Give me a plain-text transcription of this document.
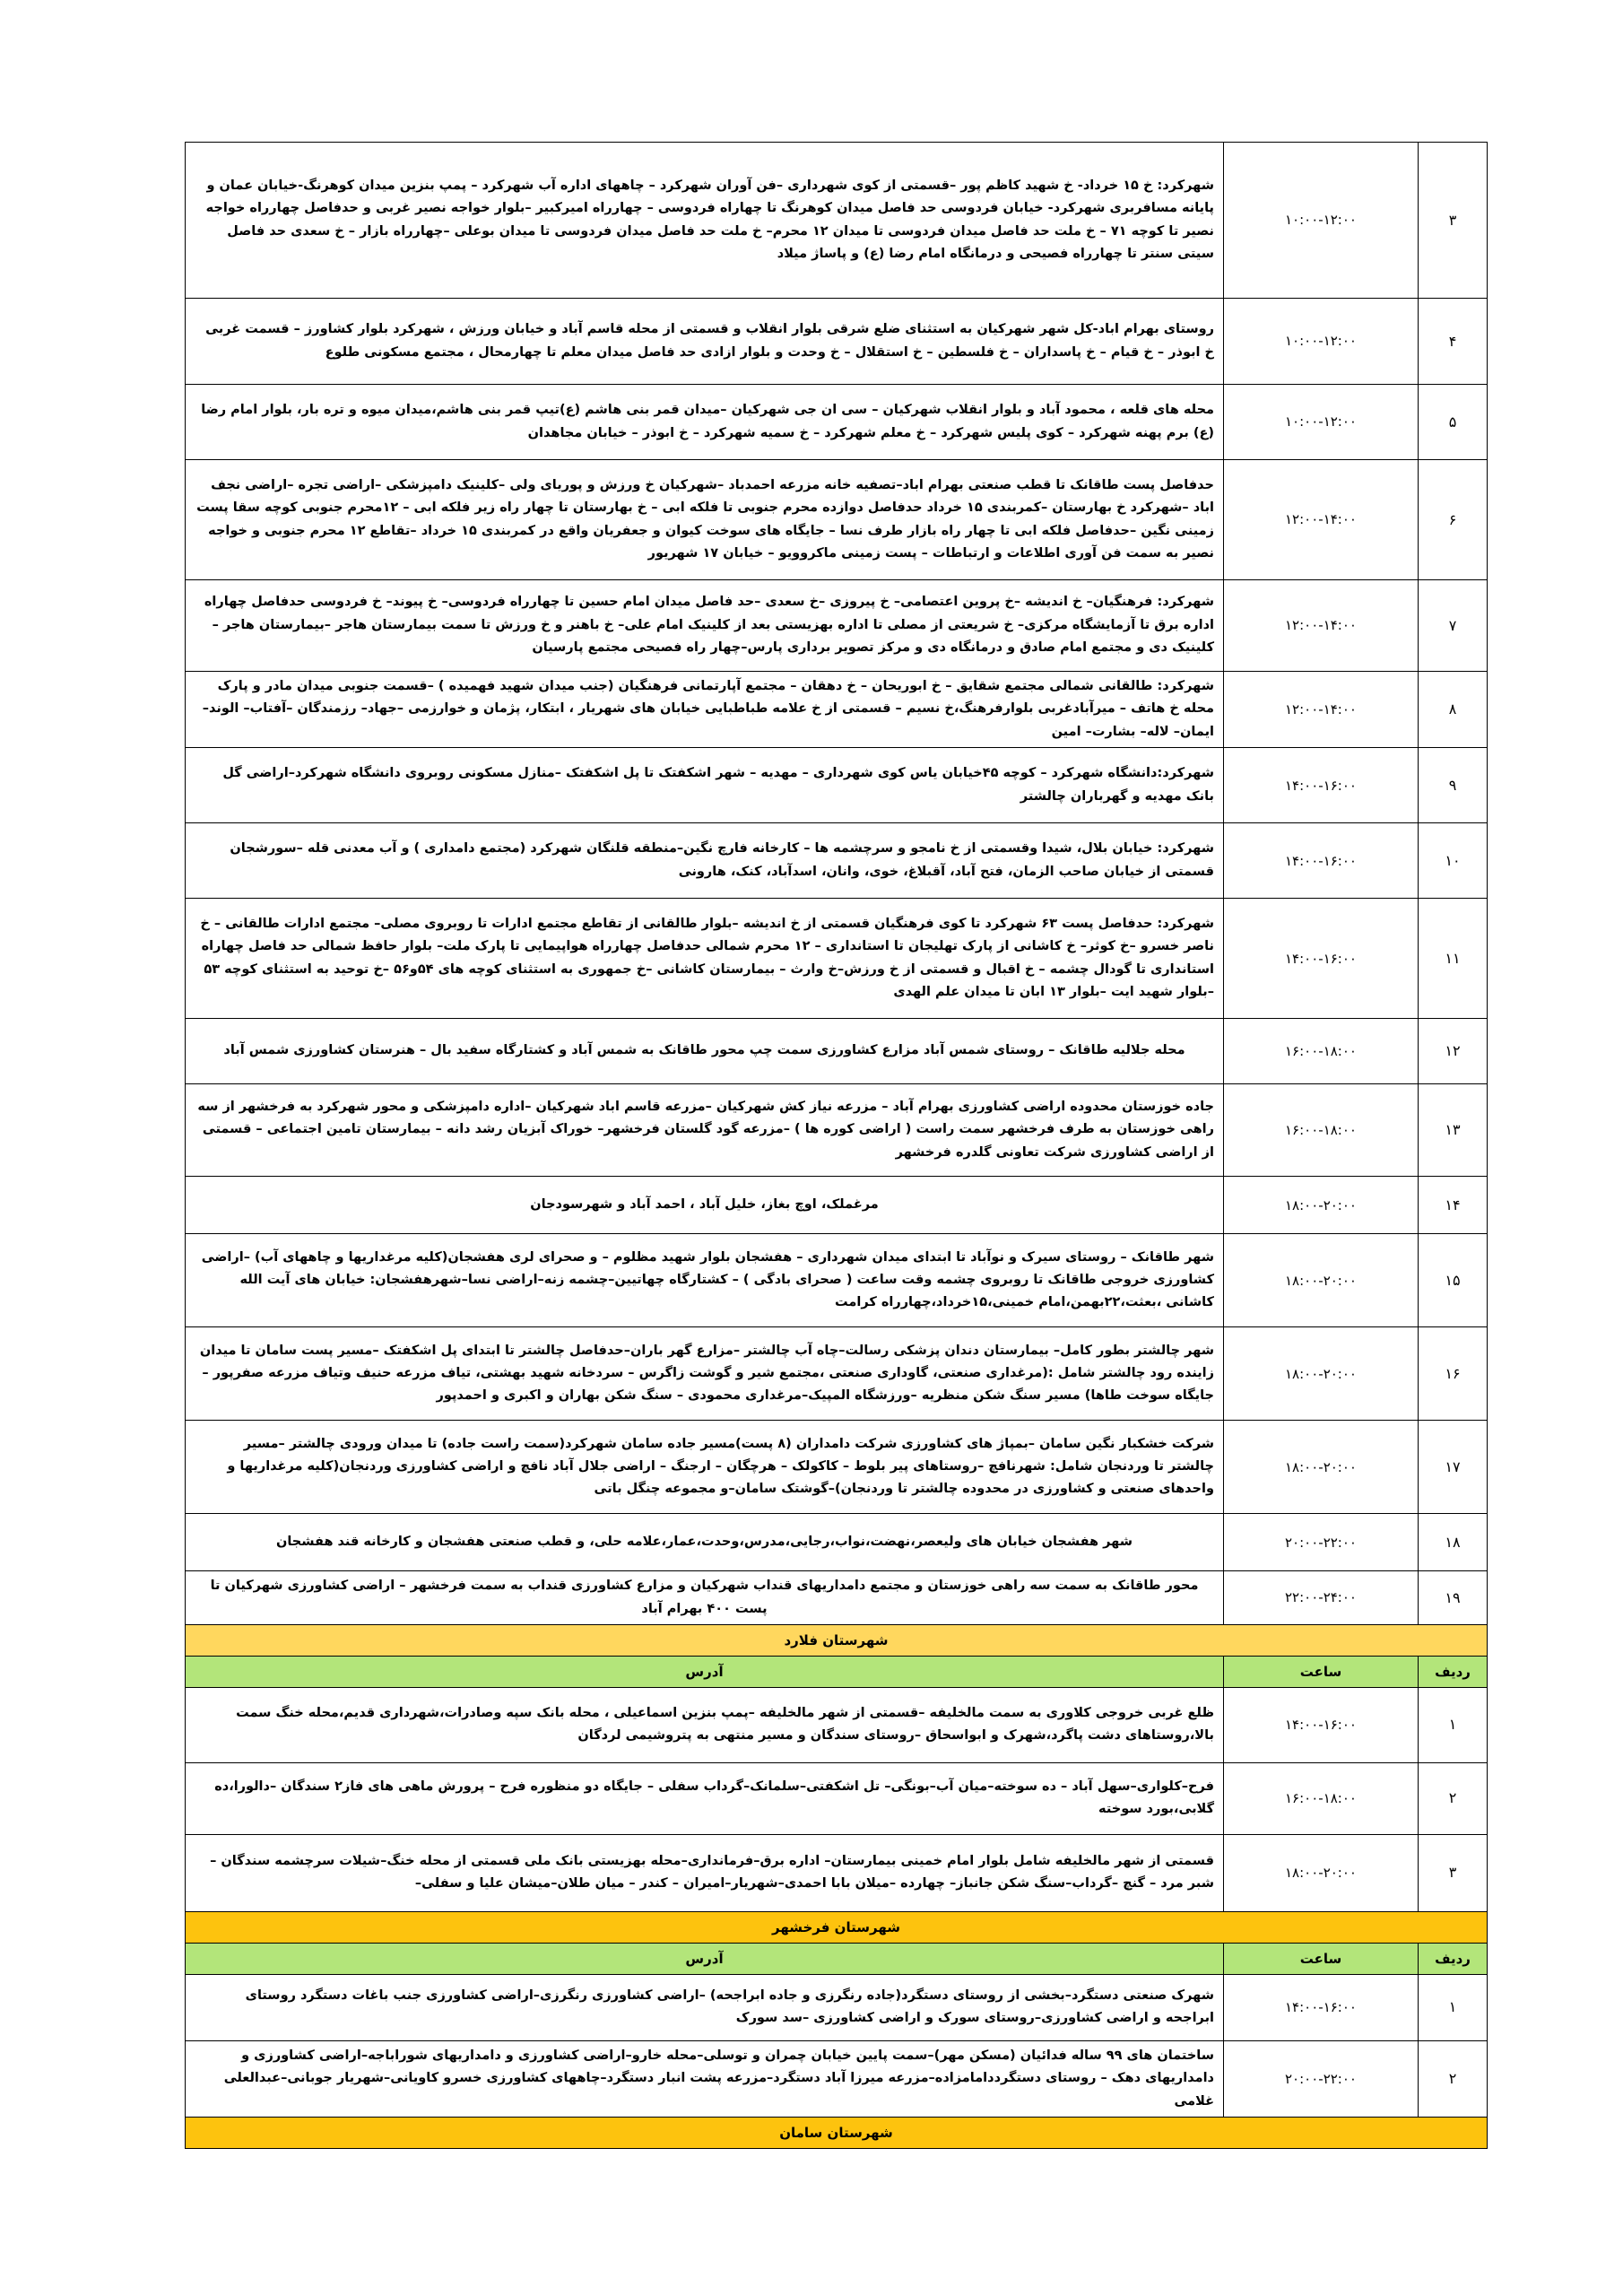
۳	۱۰:۰۰-۱۲:۰۰	شهرکرد: خ ۱۵ خرداد- خ شهید کاظم پور –قسمتی از کوی شهرداری –فن آوران شهرکرد – چاههای اداره آب شهرکرد – پمپ بنزین میدان کوهرنگ-خیابان عمان و پایانه مسافربری شهرکرد- خیابان فردوسی حد فاصل میدان کوهرنگ تا چهاراه فردوسی – چهارراه امیرکبیر –بلوار خواجه نصیر غربی و حدفاصل چهارراه خواجه نصیر تا کوچه ۷۱ – خ ملت حد فاصل میدان فردوسی تا میدان ۱۲ محرم– خ ملت حد فاصل میدان فردوسی تا میدان بوعلی –چهارراه بازار – خ سعدی حد فاصل سیتی سنتر تا چهارراه فصیحی و درمانگاه امام رضا (ع) و پاساژ میلاد
۴	۱۰:۰۰-۱۲:۰۰	روستای بهرام اباد-کل شهر شهرکیان به استثنای ضلع شرقی بلوار انقلاب و قسمتی از محله قاسم آباد و خیابان ورزش ، شهرکرد بلوار کشاورز – قسمت غربی خ ابوذر – خ قیام – خ پاسداران – خ فلسطین – خ استقلال – خ وحدت و بلوار ازادی حد فاصل میدان معلم تا چهارمحال ، مجتمع مسکونی طلوع
۵	۱۰:۰۰-۱۲:۰۰	محله های قلعه ، محمود آباد و بلوار انقلاب شهرکیان – سی ان جی شهرکیان –میدان قمر بنی هاشم (ع)تیپ قمر بنی هاشم،میدان میوه و تره بار، بلوار امام رضا (ع) برم پهنه شهرکرد – کوی پلیس شهرکرد – خ معلم شهرکرد – خ سمیه شهرکرد – خ ابوذر – خیابان مجاهدان
۶	۱۲:۰۰-۱۴:۰۰	حدفاصل پست طاقانک تا قطب صنعتی بهرام اباد–تصفیه خانه مزرعه احمدباد –شهرکیان خ ورزش و پوریای ولی –کلینیک دامپزشکی –اراضی تجره –اراضی نجف اباد –شهرکرد خ بهارستان –کمربندی ۱۵ خرداد حدفاصل دوازده محرم جنوبی تا فلکه ابی – خ بهارستان تا چهار راه زیر فلکه ابی – ۱۲محرم جنوبی کوچه سقا پست زمینی نگین –حدفاصل فلکه ابی تا چهار راه بازار طرف نسا – جایگاه های سوخت کیوان و جعفریان واقع در کمربندی ۱۵ خرداد –تقاطع ۱۲ محرم جنوبی و خواجه نصیر به سمت فن آوری اطلاعات و ارتباطات – پست زمینی ماکروویو – خیابان ۱۷ شهریور
۷	۱۲:۰۰-۱۴:۰۰	شهرکرد: فرهنگیان– خ اندیشه –خ پروین اعتصامی– خ پیروزی –خ سعدی –حد فاصل میدان امام حسین تا چهارراه فردوسی– خ پیوند– خ فردوسی حدفاصل چهاراه اداره برق تا آزمایشگاه مرکزی– خ شریعتی از مصلی تا اداره بهزیستی بعد از کلینیک امام علی– خ باهنر و خ ورزش تا سمت بیمارستان هاجر –بیمارستان هاجر –کلینیک دی و مجتمع امام صادق و درمانگاه دی و مرکز تصویر برداری پارس–چهار راه فصیحی مجتمع پارسیان
۸	۱۲:۰۰-۱۴:۰۰	شهرکرد: طالقانی شمالی مجتمع شقایق – خ ابوریحان – خ دهقان – مجتمع آپارتمانی فرهنگیان (جنب میدان شهید فهمیده ) –قسمت جنوبی میدان مادر و پارک محله خ هاتف – میرآبادغربی بلوارفرهنگ،خ نسیم – قسمتی از خ علامه طباطبایی خیابان های شهریار ، ابتکار، پژمان و خوارزمی –جهاد– رزمندگان –آفتاب– الوند– ایمان– لاله– بشارت– امین
۹	۱۴:۰۰-۱۶:۰۰	شهرکرد:دانشگاه شهرکرد – کوچه ۴۵خیابان یاس کوی شهرداری – مهدیه – شهر اشکفتک تا پل اشکفتک –منازل مسکونی روبروی دانشگاه شهرکرد–اراضی گل بانک مهدیه و گهرباران چالشتر
۱۰	۱۴:۰۰-۱۶:۰۰	شهرکرد: خیابان بلال، شیدا وقسمتی از خ نامجو و سرچشمه ها – کارخانه فارچ نگین–منطقه قلنگان شهرکرد (مجتمع دامداری ) و آب معدنی قله –سورشجان قسمتی از خیابان صاحب الزمان، فتح آباد، آقبلاغ، خوی، وانان، اسدآباد، کنک، هارونی
۱۱	۱۴:۰۰-۱۶:۰۰	شهرکرد: حدفاصل پست ۶۳ شهرکرد تا کوی فرهنگیان قسمتی از خ اندیشه –بلوار طالقانی از تقاطع مجتمع ادارات تا روبروی مصلی– مجتمع ادارات طالقانی – خ ناصر خسرو –خ کوثر– خ کاشانی از پارک تهلیجان تا استانداری – ۱۲ محرم شمالی حدفاصل چهارراه هواپیمایی تا پارک ملت– بلوار حافظ شمالی حد فاصل چهاراه استانداری تا گودال چشمه – خ اقبال و قسمتی از خ ورزش–خ وارث – بیمارستان کاشانی –خ جمهوری به استثنای کوچه های ۵۴و۵۶ –خ توحید به استثنای کوچه ۵۳ –بلوار شهید ایت –بلوار ۱۳ ابان تا میدان علم الهدی
۱۲	۱۶:۰۰-۱۸:۰۰	محله جلالیه طاقانک – روستای شمس آباد مزارع کشاورزی سمت چپ محور طاقانک به شمس آباد و کشتارگاه سفید بال – هنرستان کشاورزی شمس آباد
۱۳	۱۶:۰۰-۱۸:۰۰	جاده خوزستان محدوده اراضی کشاورزی بهرام آباد – مزرعه نیاز کش شهرکیان –مزرعه قاسم اباد شهرکیان –اداره دامپزشکی و محور شهرکرد به فرخشهر از سه راهی خوزستان به طرف فرخشهر سمت راست ( اراضی کوره ها ) –مزرعه گود گلستان فرخشهر– خوراک آبزیان رشد دانه – بیمارستان تامین اجتماعی – قسمتی از اراضی کشاورزی شرکت تعاونی گلدره فرخشهر
۱۴	۱۸:۰۰-۲۰:۰۰	مرغملک، اوچ بغاز، خلیل آباد ، احمد آباد و شهرسودجان
۱۵	۱۸:۰۰-۲۰:۰۰	شهر طاقانک – روستای سیرک و نوآباد تا ابتدای میدان شهرداری – هفشجان بلوار شهید مظلوم – و صحرای لری هفشجان(کلیه مرغداریها و چاههای آب) –اراضی کشاورزی خروجی طاقانک تا روبروی چشمه وقت ساعت ( صحرای بادگی ) – کشتارگاه چهاتیین–چشمه زنه–اراضی نسا–شهرهفشجان: خیابان های آیت الله کاشانی ،بعثت،۲۲بهمن،امام خمینی،۱۵خرداد،چهارراه کرامت
۱۶	۱۸:۰۰-۲۰:۰۰	شهر چالشتر بطور کامل– بیمارستان دندان پزشکی رسالت–چاه آب چالشتر –مزارع گهر باران–حدفاصل چالشتر تا ابتدای پل اشکفتک –مسیر پست سامان تا میدان زاینده رود چالشتر شامل :(مرغداری صنعتی، گاوداری صنعتی ،مجتمع شیر و گوشت زاگرس – سردخانه شهید بهشتی، تیاف مزرعه حنیف وتیاف مزرعه صفرپور –جایگاه سوخت طاها) مسیر سنگ شکن منظریه –ورزشگاه المپیک–مرغداری محمودی – سنگ شکن بهاران و اکبری و احمدپور
۱۷	۱۸:۰۰-۲۰:۰۰	شرکت خشکبار نگین سامان –بمپاژ های کشاورزی شرکت دامداران (۸ پست)مسیر جاده سامان شهرکرد(سمت راست جاده) تا میدان ورودی چالشتر –مسیر چالشتر تا وردنجان شامل: شهرنافچ –روستاهای پیر بلوط – کاکولک – هرچگان – ارجنگ – اراضی جلال آباد نافچ و اراضی کشاورزی وردنجان(کلیه مرغداریها و واحدهای صنعتی و کشاورزی در محدوده چالشتر تا وردنجان)–گوشتک سامان–و مجموعه چنگل باتی
۱۸	۲۰:۰۰-۲۲:۰۰	شهر هفشجان خیابان های ولیعصر،نهضت،نواب،رجایی،مدرس،وحدت،عمار،علامه حلی، و قطب صنعتی هفشجان و کارخانه قند هفشجان
۱۹	۲۲:۰۰-۲۴:۰۰	محور طاقانک به سمت سه راهی خوزستان و مجتمع دامداریهای قنداب شهرکیان و مزارع کشاورزی قنداب به سمت فرخشهر – اراضی کشاورزی شهرکیان تا پست ۴۰۰ بهرام آباد
شهرستان فلارد		
ردیف	ساعت	آدرس
۱	۱۴:۰۰-۱۶:۰۰	ظلع غربی خروجی کلاوری به سمت مالخلیفه –قسمتی از شهر مالخلیفه –پمپ بنزین اسماعیلی ، محله بانک سپه وصادرات،شهرداری قدیم،محله خنگ سمت بالا،روستاهای دشت پاگرد،شهرک و ابواسحاق –روستای سندگان و مسیر منتهی به پتروشیمی لردگان
۲	۱۶:۰۰-۱۸:۰۰	فرح–کلواری–سهل آباد – ده سوخته–میان آب–بونگی– تل اشکفتی–سلمانک–گرداب سفلی – جایگاه دو منظوره فرح – پرورش ماهی های فاز۲ سندگان –دالورا،ده گلابی،بورد سوخته
۳	۱۸:۰۰-۲۰:۰۰	قسمتی از شهر مالخلیفه شامل بلوار امام خمینی بیمارستان– اداره برق–فرمانداری–محله بهزیستی بانک ملی قسمتی از محله خنگ–شیلات سرچشمه سندگان – شبر مرد – گنچ –گرداب–سنگ شکن جانباز– چهارده –میلان بابا احمدی–شهریار–امیران – کندر – میان طلان–میشان علیا و سفلی–
شهرستان فرخشهر		
ردیف	ساعت	آدرس
۱	۱۴:۰۰-۱۶:۰۰	شهرک صنعتی دستگرد–بخشی از روستای دستگرد(جاده رنگرزی و جاده ابراجحه) –اراضی کشاورزی رنگرزی–اراضی کشاورزی جنب باغات دستگرد روستای ابراجحه و اراضی کشاورزی–روستای سورک و اراضی کشاورزی –سد سورک
۲	۲۰:۰۰-۲۲:۰۰	ساختمان های ۹۹ ساله فدائیان (مسکن مهر)–سمت پایین خیابان چمران و توسلی–محله خارو–اراضی کشاورزی و دامداریهای شوراباجه–اراضی کشاورزی و دامداریهای دهک – روستای دستگرددامامزاده–مزرعه میرزا آباد دستگرد–مزرعه پشت انبار دستگرد–چاههای کشاورزی خسرو کاویانی–شهریار جوبانی–عبدالعلی غلامی
شهرستان سامان		
